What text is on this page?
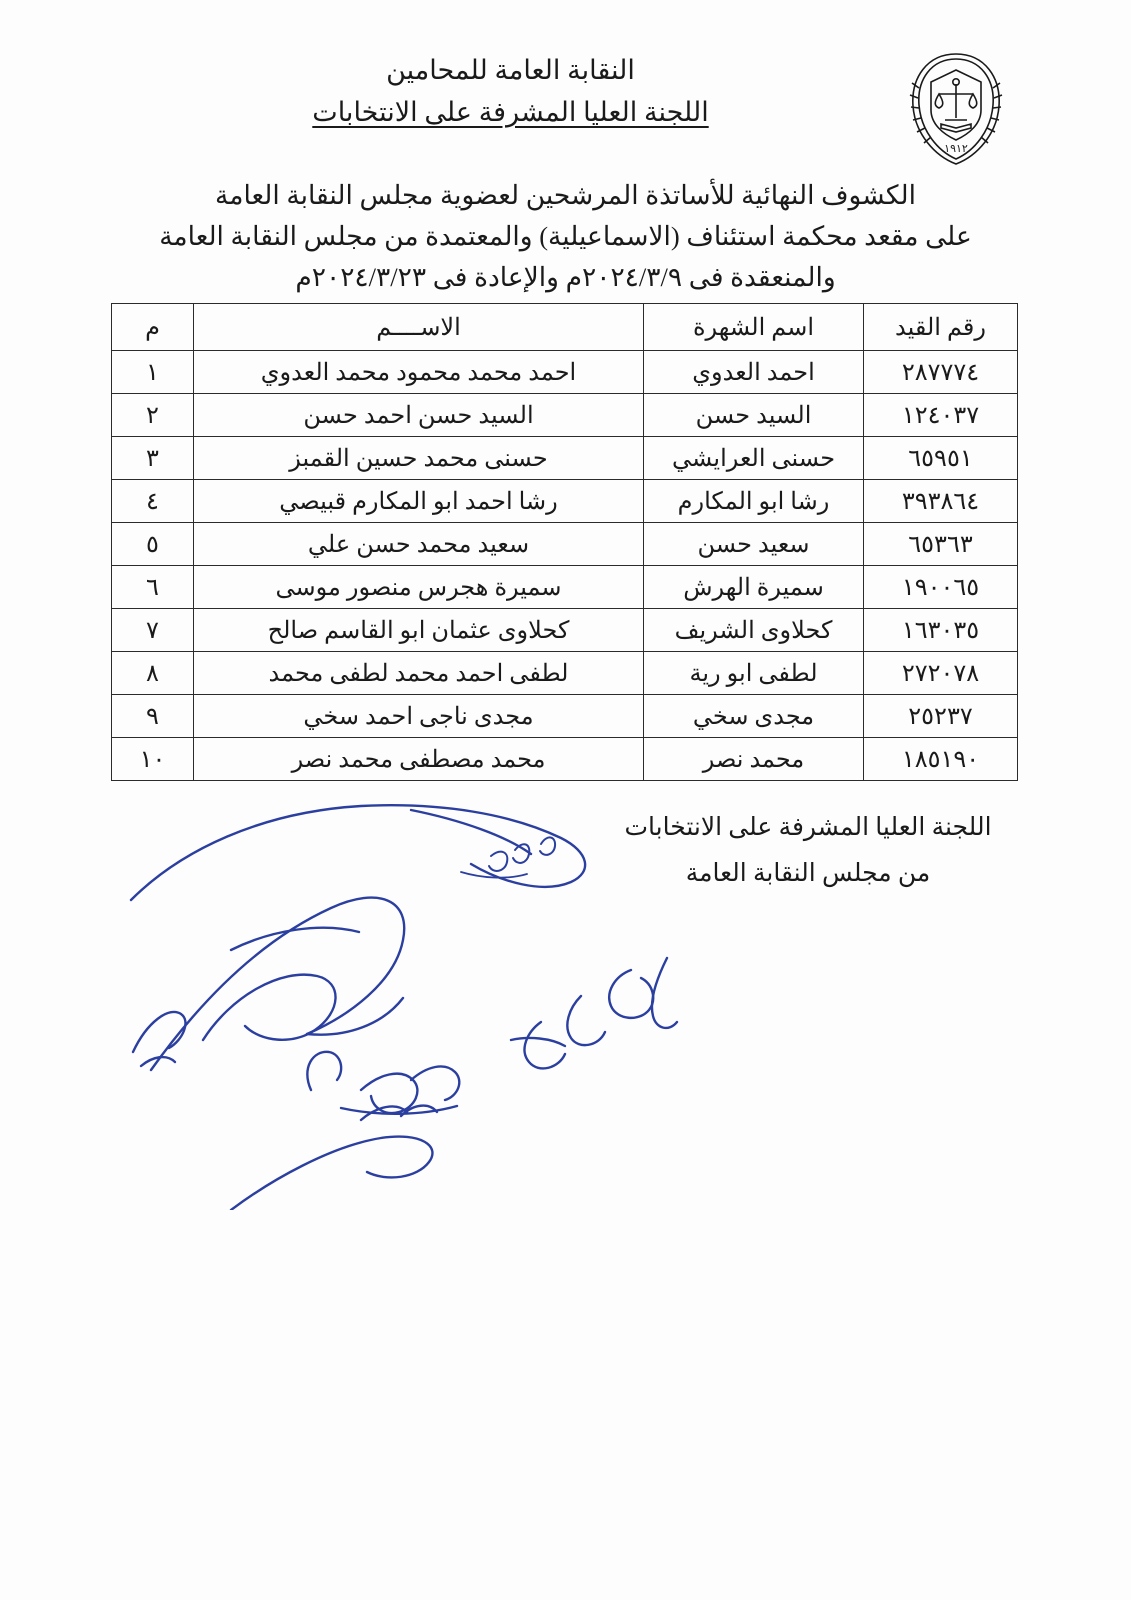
١٩١٢
النقابة العامة للمحامين
اللجنة العليا المشرفة على الانتخابات
الكشوف النهائية للأساتذة المرشحين لعضوية مجلس النقابة العامة
على مقعد محكمة استئناف (الاسماعيلية) والمعتمدة من مجلس النقابة العامة
والمنعقدة فى ٢٠٢٤/٣/٩م والإعادة فى ٢٠٢٤/٣/٢٣م
رقم القيد	اسم الشهرة	الاســــم	م
٢٨٧٧٧٤	احمد العدوي	احمد محمد محمود محمد العدوي	١
١٢٤٠٣٧	السيد حسن	السيد حسن احمد حسن	٢
٦٥٩٥١	حسنى العرايشي	حسنى محمد حسين القمبز	٣
٣٩٣٨٦٤	رشا ابو المكارم	رشا احمد ابو المكارم قبيصي	٤
٦٥٣٦٣	سعيد حسن	سعيد محمد حسن علي	٥
١٩٠٠٦٥	سميرة الهرش	سميرة هجرس منصور موسى	٦
١٦٣٠٣٥	كحلاوى الشريف	كحلاوى عثمان ابو القاسم صالح	٧
٢٧٢٠٧٨	لطفى ابو رية	لطفى احمد محمد لطفى محمد	٨
٢٥٢٣٧	مجدى سخي	مجدى ناجى احمد سخي	٩
١٨٥١٩٠	محمد نصر	محمد مصطفى محمد نصر	١٠
اللجنة العليا المشرفة على الانتخابات
من مجلس النقابة العامة
